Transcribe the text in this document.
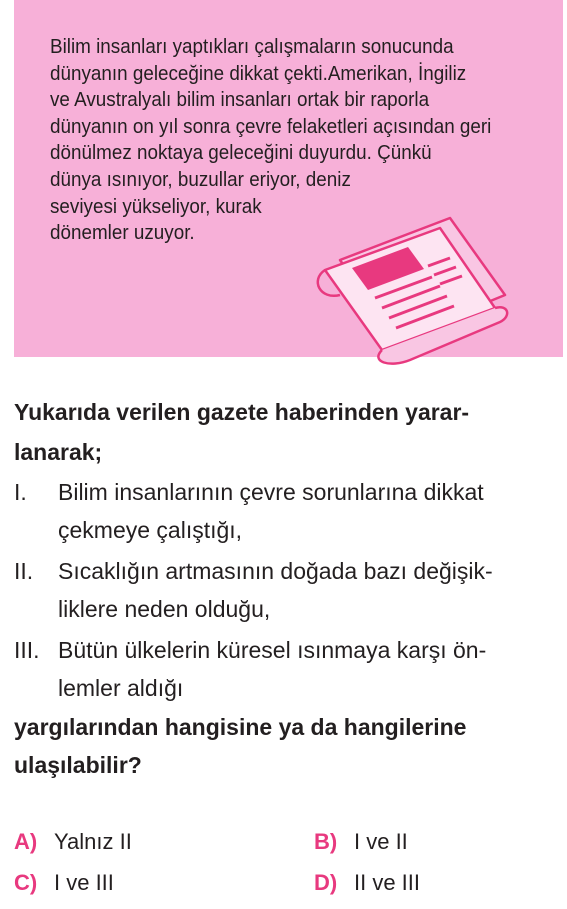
Bilim insanları yaptıkları çalışmaların sonucunda
dünyanın geleceğine dikkat çekti.Amerikan, İngiliz
ve Avustralyalı bilim insanları ortak bir raporla
dünyanın on yıl sonra çevre felaketleri açısından geri
dönülmez noktaya geleceğini duyurdu. Çünkü
dünya ısınıyor, buzullar eriyor, deniz
seviyesi yükseliyor, kurak
dönemler uzuyor.
Yukarıda verilen gazete haberinden yarar-
lanarak;
I. Bilim insanlarının çevre sorunlarına dikkat
çekmeye çalıştığı,
II. Sıcaklığın artmasının doğada bazı değişik-
liklere neden olduğu,
III. Bütün ülkelerin küresel ısınmaya karşı ön-
lemler aldığı
yargılarından hangisine ya da hangilerine
ulaşılabilir?
A) Yalnız II	B) I ve II
C) I ve III	D) II ve III
